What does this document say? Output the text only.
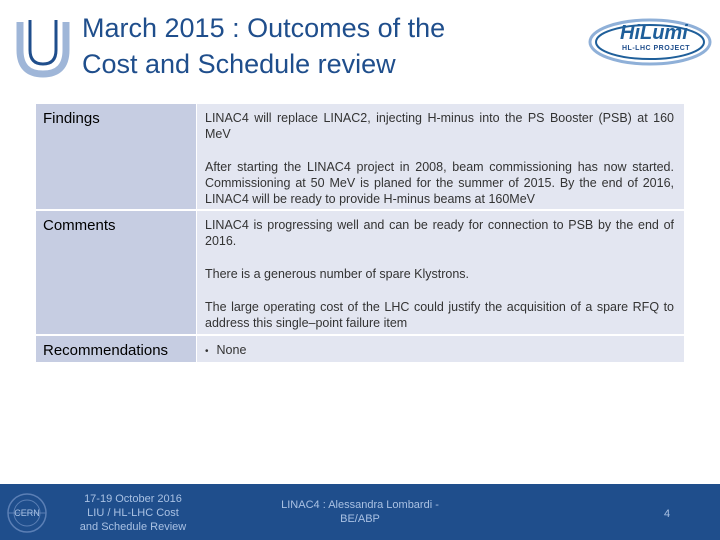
March 2015 : Outcomes of the
Cost and Schedule review
HiLumi
HL-LHC PROJECT
Findings	LINAC4 will replace LINAC2, injecting H-minus into the PS Booster (PSB) at 160 MeV

After starting the LINAC4 project in 2008, beam commissioning has now started. Commissioning at 50 MeV is planed for the summer of 2015. By the end of 2016, LINAC4 will be ready to provide H-minus beams at 160MeV

Comments	LINAC4 is progressing well and can be ready for connection to PSB by the end of 2016.

There is a generous number of spare Klystrons.

The large operating cost of the LHC could justify the acquisition of a spare RFQ to address this single–point failure item

Recommendations	• None
CERN
17-19 October 2016
LIU / HL-LHC Cost
and Schedule Review
LINAC4 : Alessandra Lombardi -
BE/ABP	4
